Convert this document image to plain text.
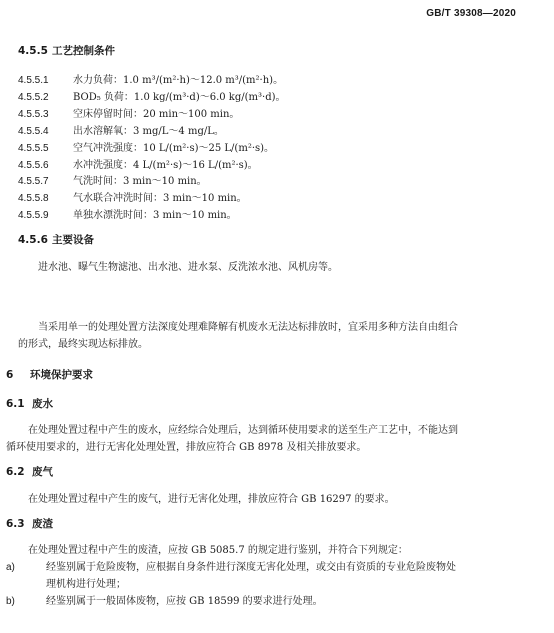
GB/T 39308—2020
4.5.5 工艺控制条件
4.5.5.1 水力负荷：1.0 m³/(m²·h)～12.0 m³/(m²·h)。
4.5.5.2 BOD₅ 负荷：1.0 kg/(m³·d)～6.0 kg/(m³·d)。
4.5.5.3 空床停留时间：20 min～100 min。
4.5.5.4 出水溶解氧：3 mg/L～4 mg/L。
4.5.5.5 空气冲洗强度：10 L/(m²·s)～25 L/(m²·s)。
4.5.5.6 水冲洗强度：4 L/(m²·s)～16 L/(m²·s)。
4.5.5.7 气洗时间：3 min～10 min。
4.5.5.8 气水联合冲洗时间：3 min～10 min。
4.5.5.9 单独水漂洗时间：3 min～10 min。
4.5.6 主要设备
进水池、曝气生物滤池、出水池、进水泵、反洗浓水池、风机房等。
当采用单一的处理处置方法深度处理难降解有机废水无法达标排放时，宜采用多种方法自由组合
的形式，最终实现达标排放。
6 环境保护要求
6.1 废水
在处理处置过程中产生的废水，应经综合处理后，达到循环使用要求的送至生产工艺中，不能达到
循环使用要求的，进行无害化处理处置，排放应符合 GB 8978 及相关排放要求。
6.2 废气
在处理处置过程中产生的废气，进行无害化处理，排放应符合 GB 16297 的要求。
6.3 废渣
在处理处置过程中产生的废渣，应按 GB 5085.7 的规定进行鉴别，并符合下列规定：
a)	经鉴别属于危险废物，应根据自身条件进行深度无害化处理，或交由有资质的专业危险废物处
理机构进行处理；
b)	经鉴别属于一般固体废物，应按 GB 18599 的要求进行处理。
